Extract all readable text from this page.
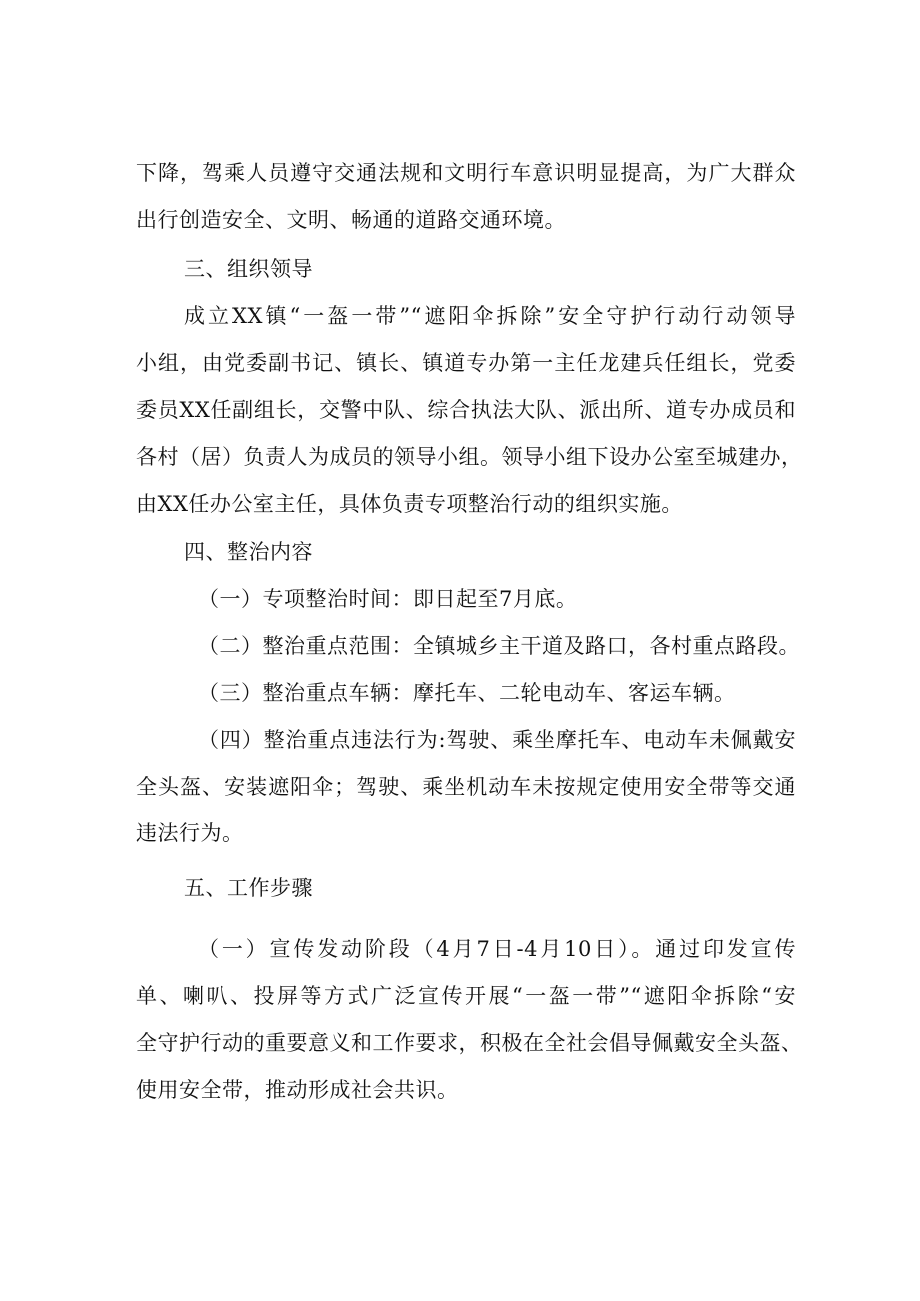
下降，驾乘人员遵守交通法规和文明行车意识明显提高，为广大群众
出行创造安全、文明、畅通的道路交通环境。
三、组织领导
成立XX镇“一盔一带”“遮阳伞拆除”安全守护行动行动领导
小组，由党委副书记、镇长、镇道专办第一主任龙建兵任组长，党委
委员XX任副组长，交警中队、综合执法大队、派出所、道专办成员和
各村（居）负责人为成员的领导小组。领导小组下设办公室至城建办，
由XX任办公室主任，具体负责专项整治行动的组织实施。
四、整治内容
（一）专项整治时间：即日起至7月底。
（二）整治重点范围：全镇城乡主干道及路口，各村重点路段。
（三）整治重点车辆：摩托车、二轮电动车、客运车辆。
（四）整治重点违法行为:驾驶、乘坐摩托车、电动车未佩戴安
全头盔、安装遮阳伞；驾驶、乘坐机动车未按规定使用安全带等交通
违法行为。
五、工作步骤
（一）宣传发动阶段（4月7日-4月10日）。通过印发宣传
单、喇叭、投屏等方式广泛宣传开展“一盔一带”“遮阳伞拆除“安
全守护行动的重要意义和工作要求，积极在全社会倡导佩戴安全头盔、
使用安全带，推动形成社会共识。
